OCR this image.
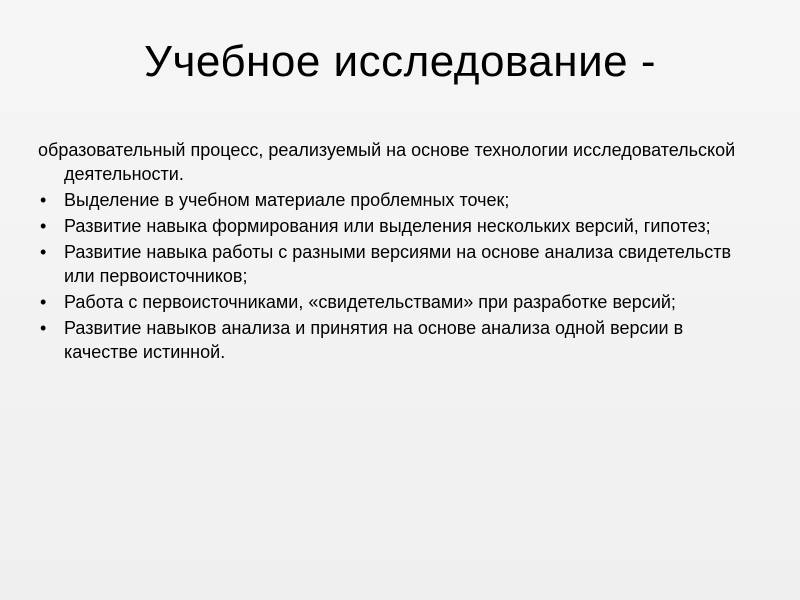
Учебное исследование -

образовательный процесс, реализуемый на основе технологии исследовательской деятельности.

• Выделение в учебном материале проблемных точек;
• Развитие навыка формирования или выделения нескольких версий, гипотез;
• Развитие навыка работы с разными версиями на основе анализа свидетельств или первоисточников;
• Работа с первоисточниками, «свидетельствами» при разработке версий;
• Развитие навыков анализа и принятия на основе анализа одной версии в качестве истинной.
